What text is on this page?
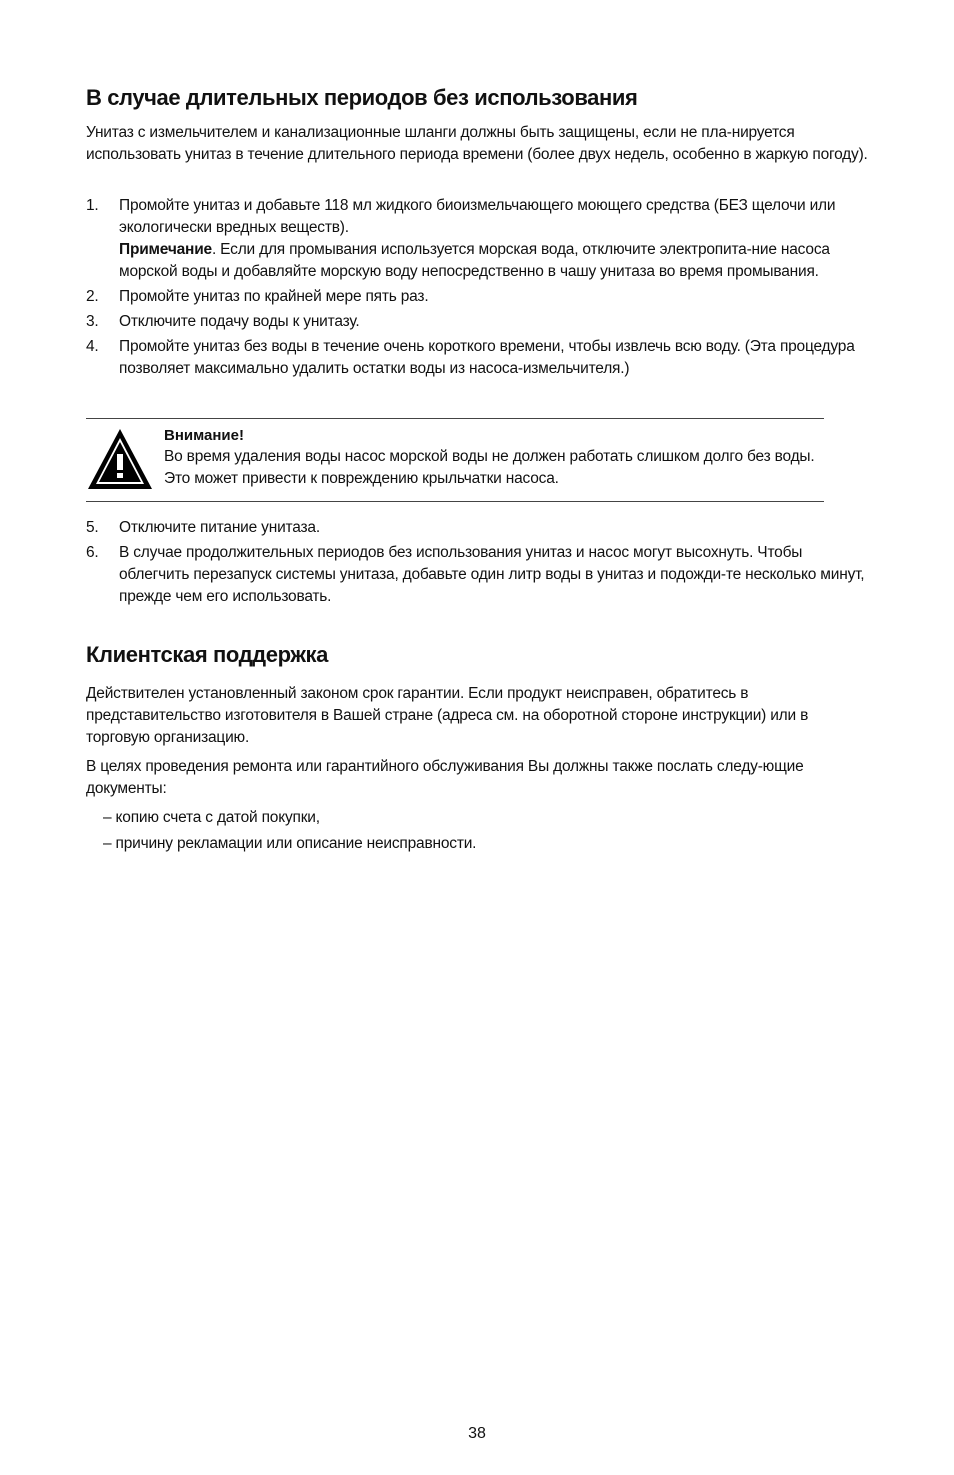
В случае длительных периодов без использования

Унитаз с измельчителем и канализационные шланги должны быть защищены, если не пла-нируется использовать унитаз в течение длительного периода времени (более двух недель, особенно в жаркую погоду).

1.	Промойте унитаз и добавьте 118 мл жидкого биоизмельчающего моющего средства (БЕЗ щелочи или экологически вредных веществ).
Примечание. Если для промывания используется морская вода, отключите электропита-ние насоса морской воды и добавляйте морскую воду непосредственно в чашу унитаза во время промывания.
2.	Промойте унитаз по крайней мере пять раз.
3.	Отключите подачу воды к унитазу.
4.	Промойте унитаз без воды в течение очень короткого времени, чтобы извлечь всю воду. (Эта процедура позволяет максимально удалить остатки воды из насоса-измельчителя.)
Внимание!
Во время удаления воды насос морской воды не должен работать слишком долго без воды. Это может привести к повреждению крыльчатки насоса.
5.	Отключите питание унитаза.
6.	В случае продолжительных периодов без использования унитаз и насос могут высохнуть. Чтобы облегчить перезапуск системы унитаза, добавьте один литр воды в унитаз и подожди-те несколько минут, прежде чем его использовать.
Клиентская поддержка

Действителен установленный законом срок гарантии. Если продукт неисправен, обратитесь в представительство изготовителя в Вашей стране (адреса см. на оборотной стороне инструкции) или в торговую организацию.

В целях проведения ремонта или гарантийного обслуживания Вы должны также послать следу-ющие документы:

– копию счета с датой покупки,
– причину рекламации или описание неисправности.
38
